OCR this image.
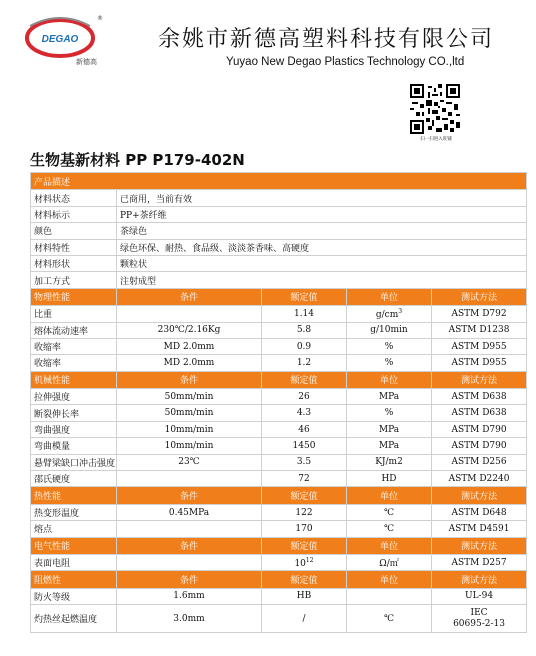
DEGAO
®
新德高
余姚市新德高塑料科技有限公司
Yuyao New Degao Plastics Technology CO.,ltd
扫一扫进入旺铺
生物基新材料 PP P179-402N
产品描述				
材料状态	已商用，当前有效			
材料标示	PP+茶纤维			
颜色	茶绿色			
材料特性	绿色环保、耐热、食品级、淡淡茶香味、高硬度			
材料形状	颗粒状			
加工方式	注射成型			
物理性能	条件	额定值	单位	测试方法
比重		1.14	$g/cm^3$	ASTM D792
熔体流动速率	230℃/2.16Kg	5.8	g/10min	ASTM D1238
收缩率	MD 2.0mm	0.9	%	ASTM D955
收缩率	MD 2.0mm	1.2	%	ASTM D955
机械性能	条件	额定值	单位	测试方法
拉伸强度	50mm/min	26	MPa	ASTM D638
断裂伸长率	50mm/min	4.3	%	ASTM D638
弯曲强度	10mm/min	46	MPa	ASTM D790
弯曲模量	10mm/min	1450	MPa	ASTM D790
悬臂梁缺口冲击强度	23℃	3.5	KJ/m2	ASTM D256
邵氏硬度		72	HD	ASTM D2240
热性能	条件	额定值	单位	测试方法
热变形温度	0.45MPa	122	℃	ASTM D648
熔点		170	℃	ASTM D4591
电气性能	条件	额定值	单位	测试方法
表面电阻		$10^{12}$	Ω/㎡	ASTM D257
阻燃性	条件	额定值	单位	测试方法
防火等级	1.6mm	HB		UL-94
灼热丝起燃温度	3.0mm	/	℃	IEC
60695-2-13
